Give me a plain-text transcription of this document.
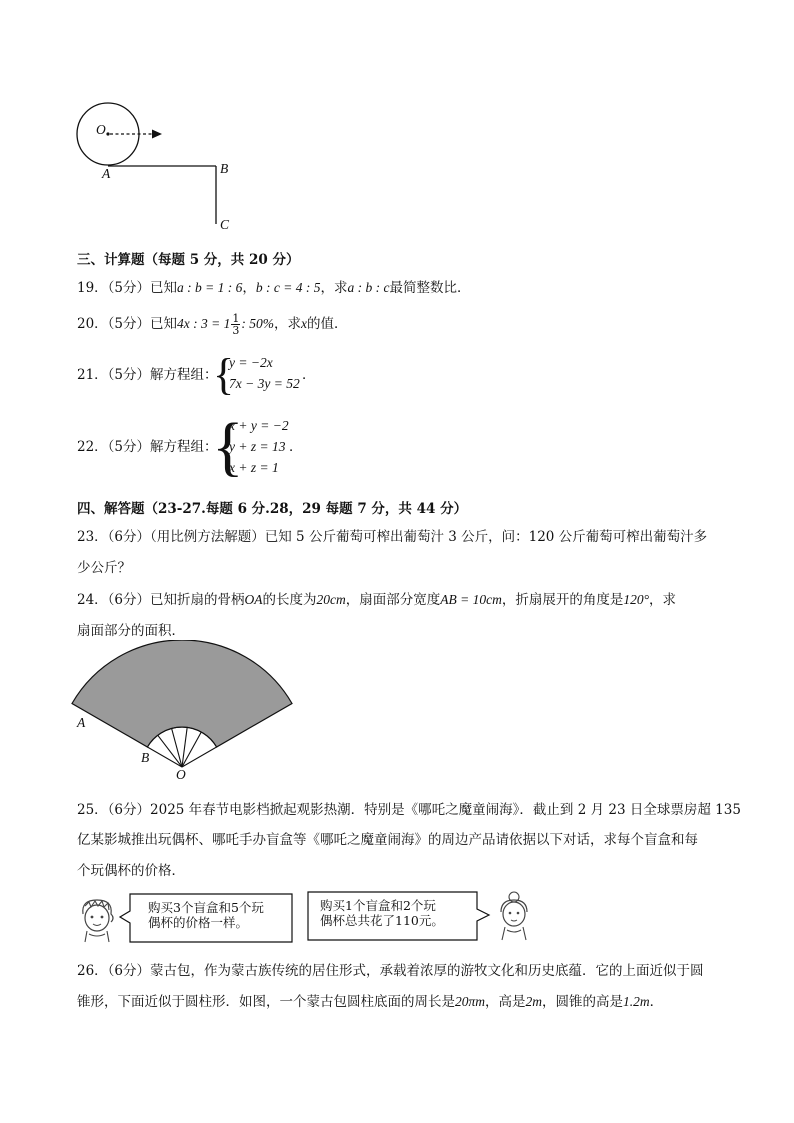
O
A	B
C
三、计算题（每题 5 分，共 20 分）
19．（5分）已知a : b = 1 : 6，b : c = 4 : 5，求a : b : c最简整数比．
20．（5分）已知4x : $3 = 1 \frac{1}{3}$ : 50%，求x的值．
21．（5分）解方程组：
{
y = −2x
7x − 3y = 52
．
22．（5分）解方程组：
{
x + y = −2
y + z = 13
x + z = 1
．
四、解答题（23-27.每题 6 分.28，29 每题 7 分，共 44 分）
23．（6分）（用比例方法解题）已知 5 公斤葡萄可榨出葡萄汁 3 公斤，问：120 公斤葡萄可榨出葡萄汁多
少公斤？
24．（6分）已知折扇的骨柄OA的长度为20cm，扇面部分宽度AB = 10cm，折扇展开的角度是120°，求
扇面部分的面积．
A
B
O
25．（6分）2025 年春节电影档掀起观影热潮．特别是《哪吒之魔童闹海》．截止到 2 月 23 日全球票房超 135
亿某影城推出玩偶杯、哪吒手办盲盒等《哪吒之魔童闹海》的周边产品请依据以下对话，求每个盲盒和每
个玩偶杯的价格．
购买3个盲盒和5个玩
偶杯的价格一样。
购买1个盲盒和2个玩
偶杯总共花了110元。
26．（6分）蒙古包，作为蒙古族传统的居住形式，承载着浓厚的游牧文化和历史底蕴．它的上面近似于圆
锥形，下面近似于圆柱形．如图，一个蒙古包圆柱底面的周长是20πm，高是2m，圆锥的高是1.2m．
